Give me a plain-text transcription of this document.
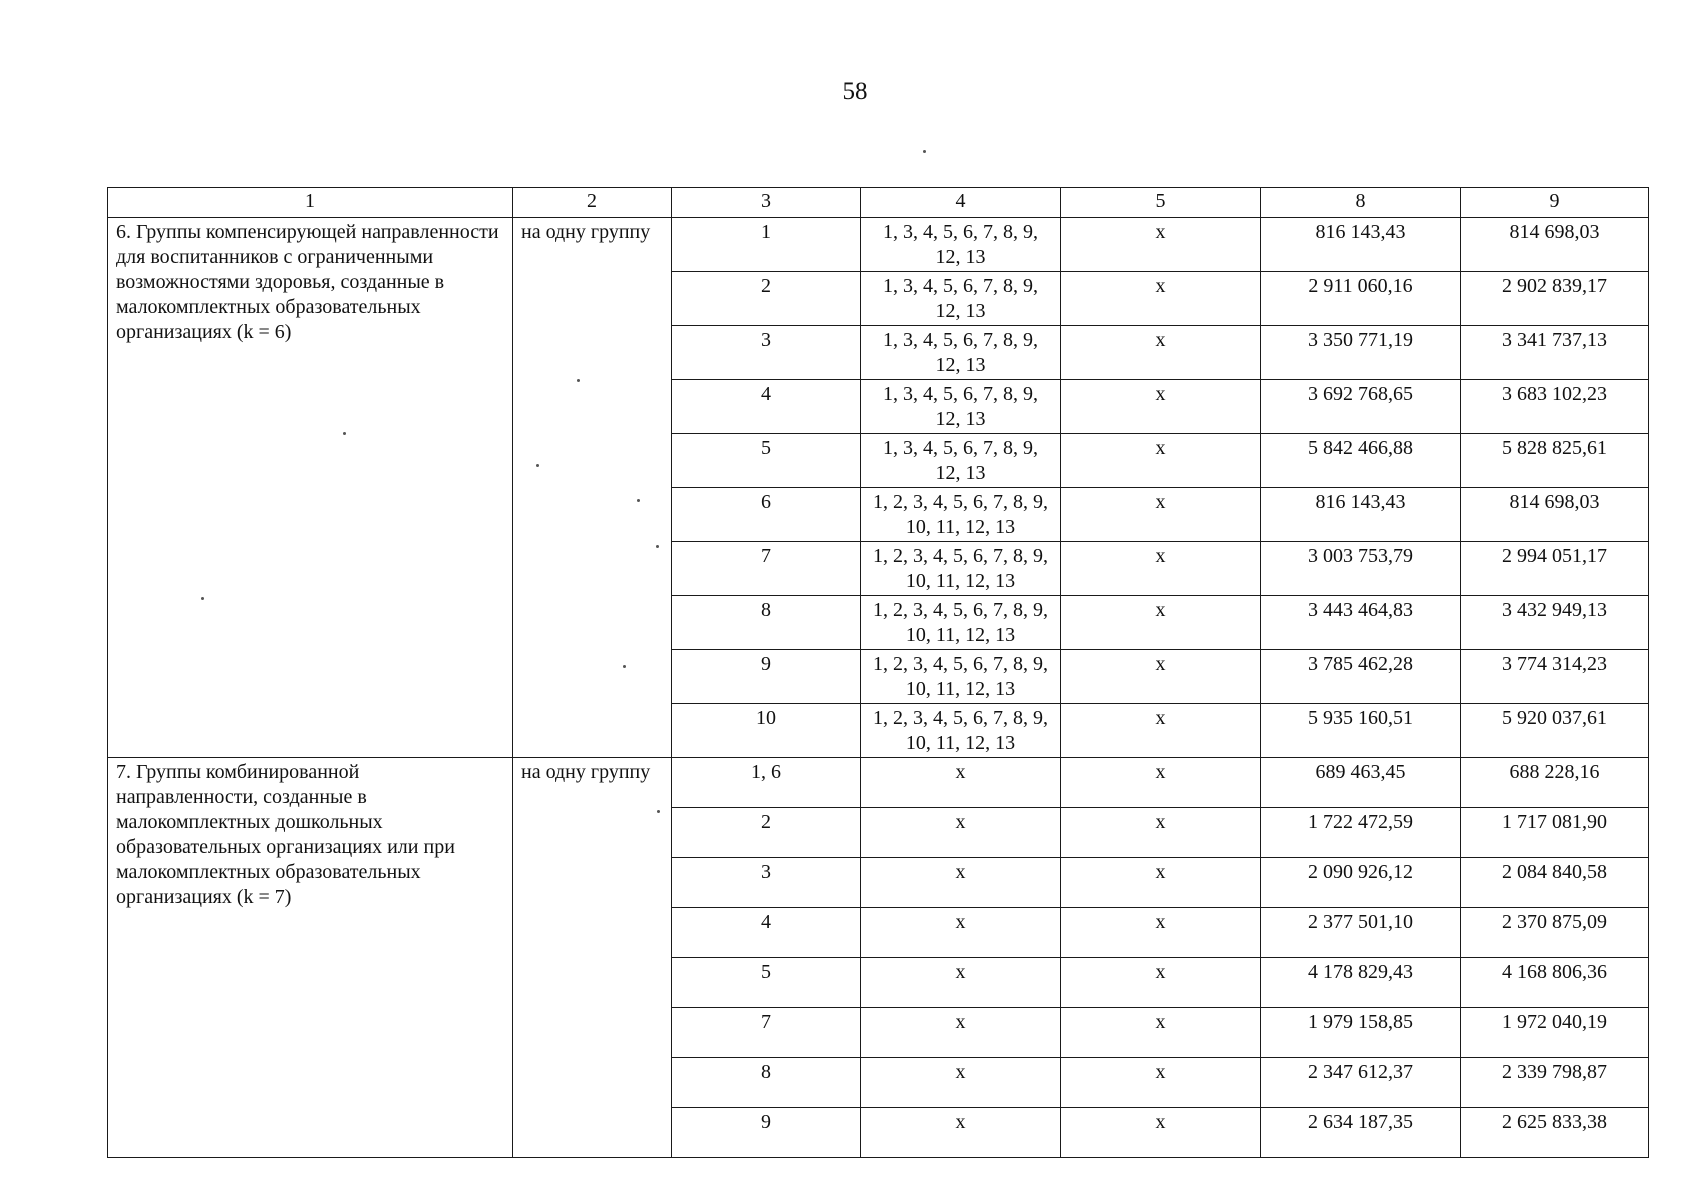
58
1	2	3	4	5	8	9
6. Группы компенсирующей направленности для воспитанников с ограниченными возможностями здоровья, созданные в малокомплектных образовательных организациях (k = 6)	на одну группу	1	1, 3, 4, 5, 6, 7, 8, 9, 12, 13	х	816 143,43	814 698,03
		2	1, 3, 4, 5, 6, 7, 8, 9, 12, 13	х	2 911 060,16	2 902 839,17
		3	1, 3, 4, 5, 6, 7, 8, 9, 12, 13	х	3 350 771,19	3 341 737,13
		4	1, 3, 4, 5, 6, 7, 8, 9, 12, 13	х	3 692 768,65	3 683 102,23
		5	1, 3, 4, 5, 6, 7, 8, 9, 12, 13	х	5 842 466,88	5 828 825,61
		6	1, 2, 3, 4, 5, 6, 7, 8, 9, 10, 11, 12, 13	х	816 143,43	814 698,03
		7	1, 2, 3, 4, 5, 6, 7, 8, 9, 10, 11, 12, 13	х	3 003 753,79	2 994 051,17
		8	1, 2, 3, 4, 5, 6, 7, 8, 9, 10, 11, 12, 13	х	3 443 464,83	3 432 949,13
		9	1, 2, 3, 4, 5, 6, 7, 8, 9, 10, 11, 12, 13	х	3 785 462,28	3 774 314,23
		10	1, 2, 3, 4, 5, 6, 7, 8, 9, 10, 11, 12, 13	х	5 935 160,51	5 920 037,61
7. Группы комбинированной направленности, созданные в малокомплектных дошкольных образовательных организациях или при малокомплектных образовательных организациях (k = 7)	на одну группу	1, 6	х	х	689 463,45	688 228,16
		2	х	х	1 722 472,59	1 717 081,90
		3	х	х	2 090 926,12	2 084 840,58
		4	х	х	2 377 501,10	2 370 875,09
		5	х	х	4 178 829,43	4 168 806,36
		7	х	х	1 979 158,85	1 972 040,19
		8	х	х	2 347 612,37	2 339 798,87
		9	х	х	2 634 187,35	2 625 833,38
